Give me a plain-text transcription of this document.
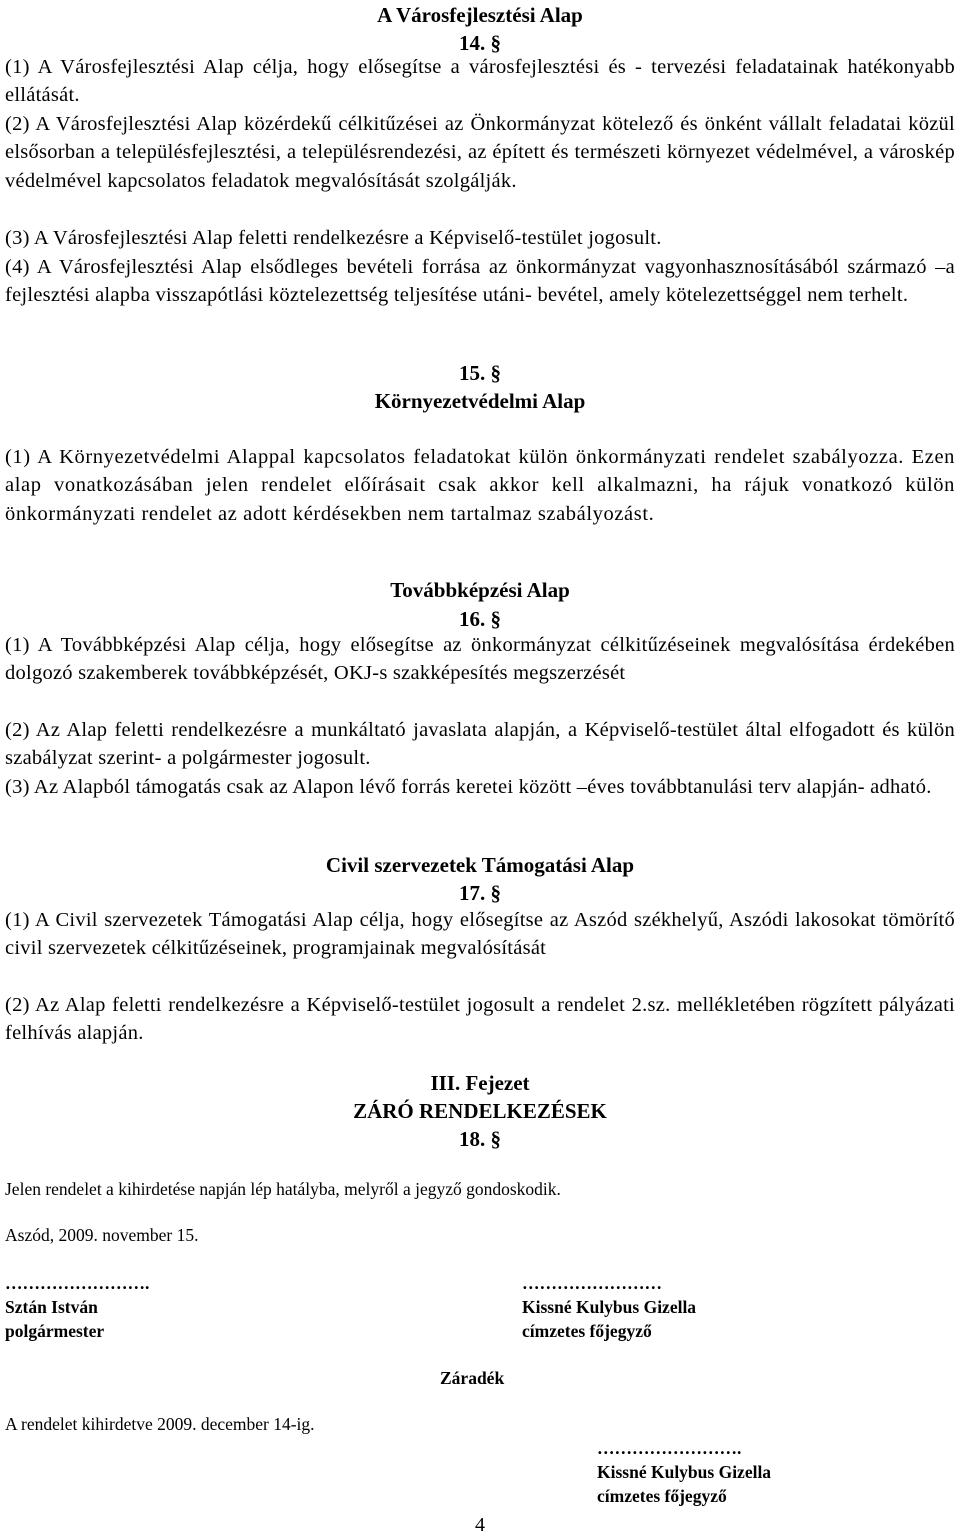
A Városfejlesztési Alap
14. §
(1) A Városfejlesztési Alap célja, hogy elősegítse a városfejlesztési és - tervezési feladatainak hatékonyabb ellátását.
(2) A Városfejlesztési Alap közérdekű célkitűzései az Önkormányzat kötelező és önként vállalt feladatai közül elsősorban a településfejlesztési, a településrendezési, az épített és természeti környezet védelmével, a városkép védelmével kapcsolatos feladatok megvalósítását szolgálják.
(3) A Városfejlesztési Alap feletti rendelkezésre a Képviselő-testület jogosult.
(4) A Városfejlesztési Alap elsődleges bevételi forrása az önkormányzat vagyonhasznosításából származó –a fejlesztési alapba visszapótlási köztelezettség teljesítése utáni- bevétel, amely kötelezettséggel nem terhelt.
15. §
Környezetvédelmi Alap
(1) A Környezetvédelmi Alappal kapcsolatos feladatokat külön önkormányzati rendelet szabályozza. Ezen alap vonatkozásában jelen rendelet előírásait csak akkor kell alkalmazni, ha rájuk vonatkozó külön önkormányzati rendelet az adott kérdésekben nem tartalmaz szabályozást.
Továbbképzési Alap
16. §
(1) A Továbbképzési Alap célja, hogy elősegítse az önkormányzat célkitűzéseinek megvalósítása érdekében dolgozó szakemberek továbbképzését, OKJ-s szakképesítés megszerzését
(2) Az Alap feletti rendelkezésre a munkáltató javaslata alapján, a Képviselő-testület által elfogadott és külön szabályzat szerint- a polgármester jogosult.
(3) Az Alapból támogatás csak az Alapon lévő forrás keretei között –éves továbbtanulási terv alapján- adható.
Civil szervezetek Támogatási Alap
17. §
(1) A Civil szervezetek Támogatási Alap célja, hogy elősegítse az Aszód székhelyű, Aszódi lakosokat tömörítő civil szervezetek célkitűzéseinek, programjainak megvalósítását
(2) Az Alap feletti rendelkezésre a Képviselő-testület jogosult a rendelet 2.sz. mellékletében rögzített pályázati felhívás alapján.
III. Fejezet
ZÁRÓ RENDELKEZÉSEK
18. §
Jelen rendelet a kihirdetése napján lép hatályba, melyről a jegyző gondoskodik.
Aszód, 2009. november 15.
…………………….
Sztán István
polgármester
……………………
Kissné Kulybus Gizella
címzetes főjegyző
Záradék
A rendelet kihirdetve 2009. december 14-ig.
…………………….
Kissné Kulybus Gizella
címzetes főjegyző
4
